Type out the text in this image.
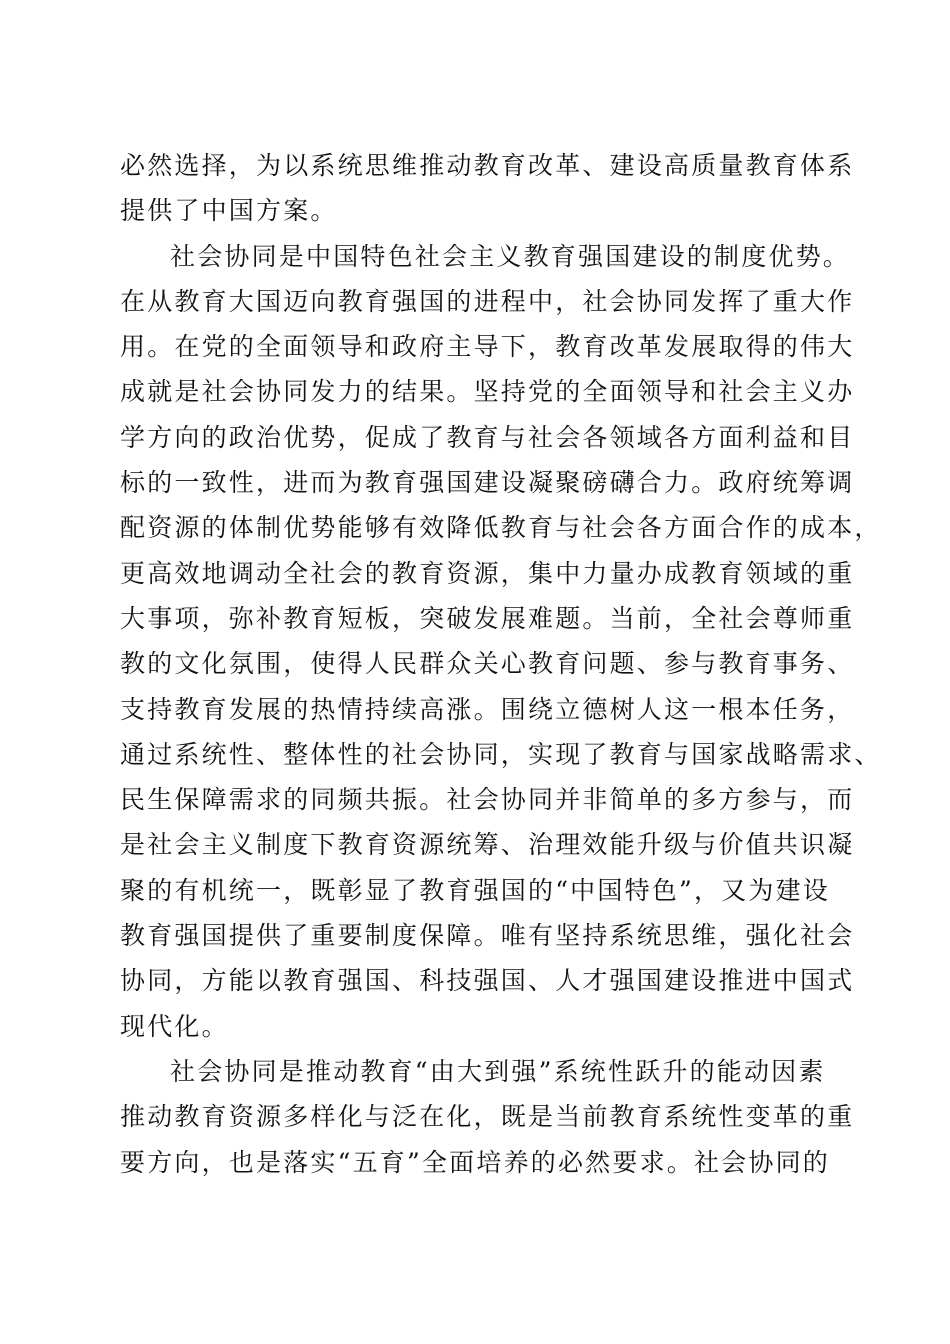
必然选择，为以系统思维推动教育改革、建设高质量教育体系
提供了中国方案。
社会协同是中国特色社会主义教育强国建设的制度优势。
在从教育大国迈向教育强国的进程中，社会协同发挥了重大作
用。在党的全面领导和政府主导下，教育改革发展取得的伟大
成就是社会协同发力的结果。坚持党的全面领导和社会主义办
学方向的政治优势，促成了教育与社会各领域各方面利益和目
标的一致性，进而为教育强国建设凝聚磅礴合力。政府统筹调
配资源的体制优势能够有效降低教育与社会各方面合作的成本，
更高效地调动全社会的教育资源，集中力量办成教育领域的重
大事项，弥补教育短板，突破发展难题。当前，全社会尊师重
教的文化氛围，使得人民群众关心教育问题、参与教育事务、
支持教育发展的热情持续高涨。围绕立德树人这一根本任务，
通过系统性、整体性的社会协同，实现了教育与国家战略需求、
民生保障需求的同频共振。社会协同并非简单的多方参与，而
是社会主义制度下教育资源统筹、治理效能升级与价值共识凝
聚的有机统一，既彰显了教育强国的“中国特色”，又为建设
教育强国提供了重要制度保障。唯有坚持系统思维，强化社会
协同，方能以教育强国、科技强国、人才强国建设推进中国式
现代化。
社会协同是推动教育“由大到强”系统性跃升的能动因素
推动教育资源多样化与泛在化，既是当前教育系统性变革的重
要方向，也是落实“五育”全面培养的必然要求。社会协同的
